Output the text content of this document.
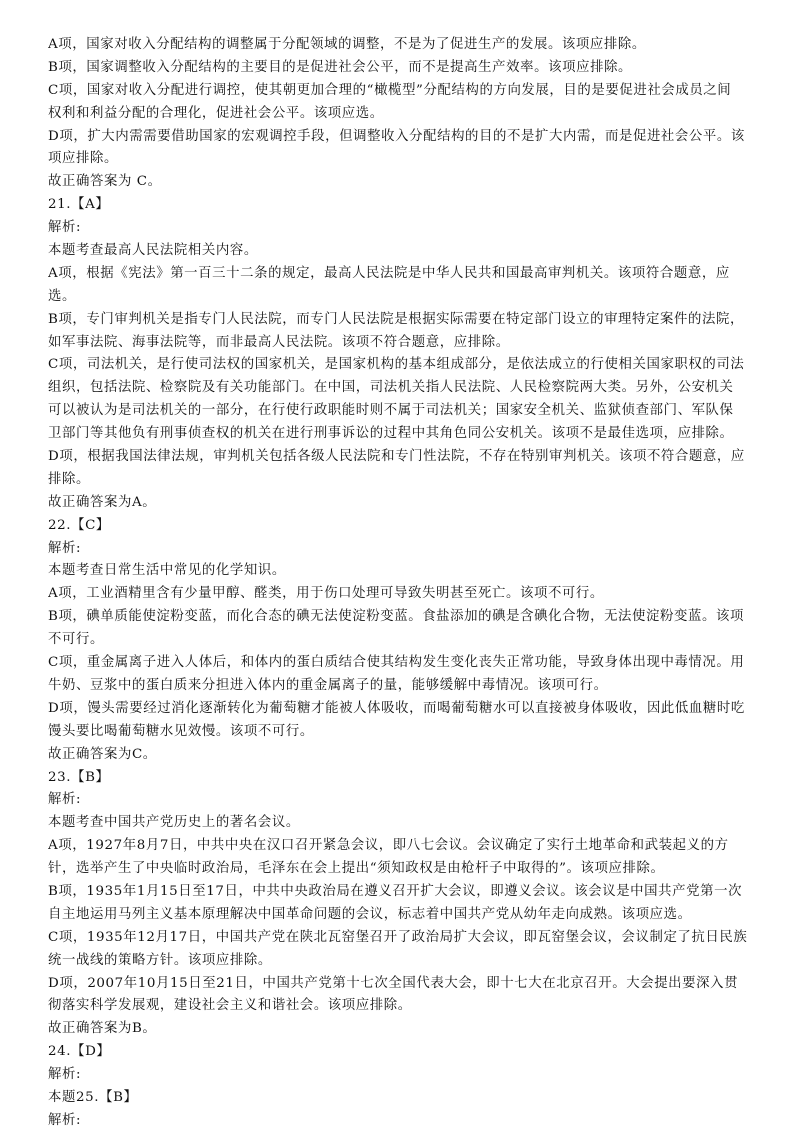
A项，国家对收入分配结构的调整属于分配领域的调整，不是为了促进生产的发展。该项应排除。
B项，国家调整收入分配结构的主要目的是促进社会公平，而不是提高生产效率。该项应排除。
C项，国家对收入分配进行调控，使其朝更加合理的“橄榄型”分配结构的方向发展，目的是要促进社会成员之间
权利和利益分配的合理化，促进社会公平。该项应选。
D项，扩大内需需要借助国家的宏观调控手段，但调整收入分配结构的目的不是扩大内需，而是促进社会公平。该
项应排除。
故正确答案为 C。
21.【A】
解析:
本题考查最高人民法院相关内容。
A项，根据《宪法》第一百三十二条的规定，最高人民法院是中华人民共和国最高审判机关。该项符合题意，应
选。
B项，专门审判机关是指专门人民法院，而专门人民法院是根据实际需要在特定部门设立的审理特定案件的法院，
如军事法院、海事法院等，而非最高人民法院。该项不符合题意，应排除。
C项，司法机关，是行使司法权的国家机关，是国家机构的基本组成部分，是依法成立的行使相关国家职权的司法
组织，包括法院、检察院及有关功能部门。在中国，司法机关指人民法院、人民检察院两大类。另外，公安机关
可以被认为是司法机关的一部分，在行使行政职能时则不属于司法机关；国家安全机关、监狱侦查部门、军队保
卫部门等其他负有刑事侦查权的机关在进行刑事诉讼的过程中其角色同公安机关。该项不是最佳选项，应排除。
D项，根据我国法律法规，审判机关包括各级人民法院和专门性法院，不存在特别审判机关。该项不符合题意，应
排除。
故正确答案为A。
22.【C】
解析:
本题考查日常生活中常见的化学知识。
A项，工业酒精里含有少量甲醇、醛类，用于伤口处理可导致失明甚至死亡。该项不可行。
B项，碘单质能使淀粉变蓝，而化合态的碘无法使淀粉变蓝。食盐添加的碘是含碘化合物，无法使淀粉变蓝。该项
不可行。
C项，重金属离子进入人体后，和体内的蛋白质结合使其结构发生变化丧失正常功能，导致身体出现中毒情况。用
牛奶、豆浆中的蛋白质来分担进入体内的重金属离子的量，能够缓解中毒情况。该项可行。
D项，馒头需要经过消化逐渐转化为葡萄糖才能被人体吸收，而喝葡萄糖水可以直接被身体吸收，因此低血糖时吃
馒头要比喝葡萄糖水见效慢。该项不可行。
故正确答案为C。
23.【B】
解析:
本题考查中国共产党历史上的著名会议。
A项，1927年8月7日，中共中央在汉口召开紧急会议，即八七会议。会议确定了实行土地革命和武装起义的方
针，选举产生了中央临时政治局，毛泽东在会上提出“须知政权是由枪杆子中取得的”。该项应排除。
B项，1935年1月15日至17日，中共中央政治局在遵义召开扩大会议，即遵义会议。该会议是中国共产党第一次
自主地运用马列主义基本原理解决中国革命问题的会议，标志着中国共产党从幼年走向成熟。该项应选。
C项，1935年12月17日，中国共产党在陕北瓦窑堡召开了政治局扩大会议，即瓦窑堡会议，会议制定了抗日民族
统一战线的策略方针。该项应排除。
D项，2007年10月15日至21日，中国共产党第十七次全国代表大会，即十七大在北京召开。大会提出要深入贯
彻落实科学发展观，建设社会主义和谐社会。该项应排除。
故正确答案为B。
24.【D】
解析:
本题25.【B】
解析:
